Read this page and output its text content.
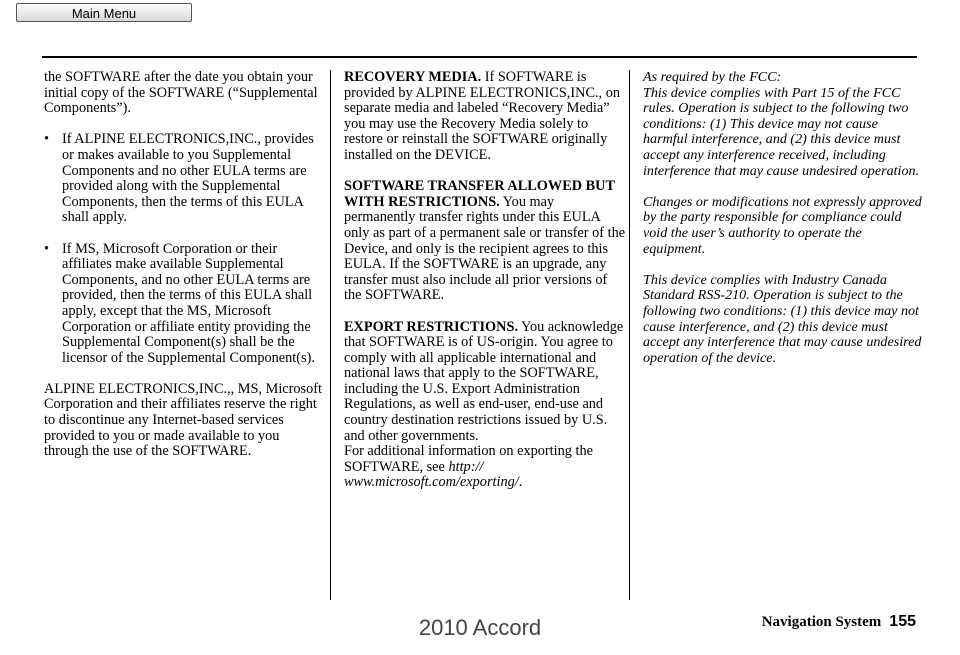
Main Menu

the SOFTWARE after the date you obtain your initial copy of the SOFTWARE (“Supplemental Components”).

• If ALPINE ELECTRONICS,INC., provides or makes available to you Supplemental Components and no other EULA terms are provided along with the Supplemental Components, then the terms of this EULA shall apply.
• If MS, Microsoft Corporation or their affiliates make available Supplemental Components, and no other EULA terms are provided, then the terms of this EULA shall apply, except that the MS, Microsoft Corporation or affiliate entity providing the Supplemental Component(s) shall be the licensor of the Supplemental Component(s).

ALPINE ELECTRONICS,INC.,, MS, Microsoft Corporation and their affiliates reserve the right to discontinue any Internet-based services provided to you or made available to you through the use of the SOFTWARE.

RECOVERY MEDIA. If SOFTWARE is provided by ALPINE ELECTRONICS,INC., on separate media and labeled “Recovery Media” you may use the Recovery Media solely to restore or reinstall the SOFTWARE originally installed on the DEVICE.

SOFTWARE TRANSFER ALLOWED BUT WITH RESTRICTIONS. You may permanently transfer rights under this EULA only as part of a permanent sale or transfer of the Device, and only is the recipient agrees to this EULA. If the SOFTWARE is an upgrade, any transfer must also include all prior versions of the SOFTWARE.

EXPORT RESTRICTIONS. You acknowledge that SOFTWARE is of US-origin. You agree to comply with all applicable international and national laws that apply to the SOFTWARE, including the U.S. Export Administration Regulations, as well as end-user, end-use and country destination restrictions issued by U.S. and other governments.

For additional information on exporting the SOFTWARE, see http:// www.microsoft.com/exporting/.

As required by the FCC:
This device complies with Part 15 of the FCC rules. Operation is subject to the following two conditions: (1) This device may not cause harmful interference, and (2) this device must accept any interference received, including interference that may cause undesired operation.

Changes or modifications not expressly approved by the party responsible for compliance could void the user’s authority to operate the equipment.

This device complies with Industry Canada Standard RSS-210. Operation is subject to the following two conditions: (1) this device may not cause interference, and (2) this device must accept any interference that may cause undesired operation of the device.

Navigation System 155
2010 Accord
